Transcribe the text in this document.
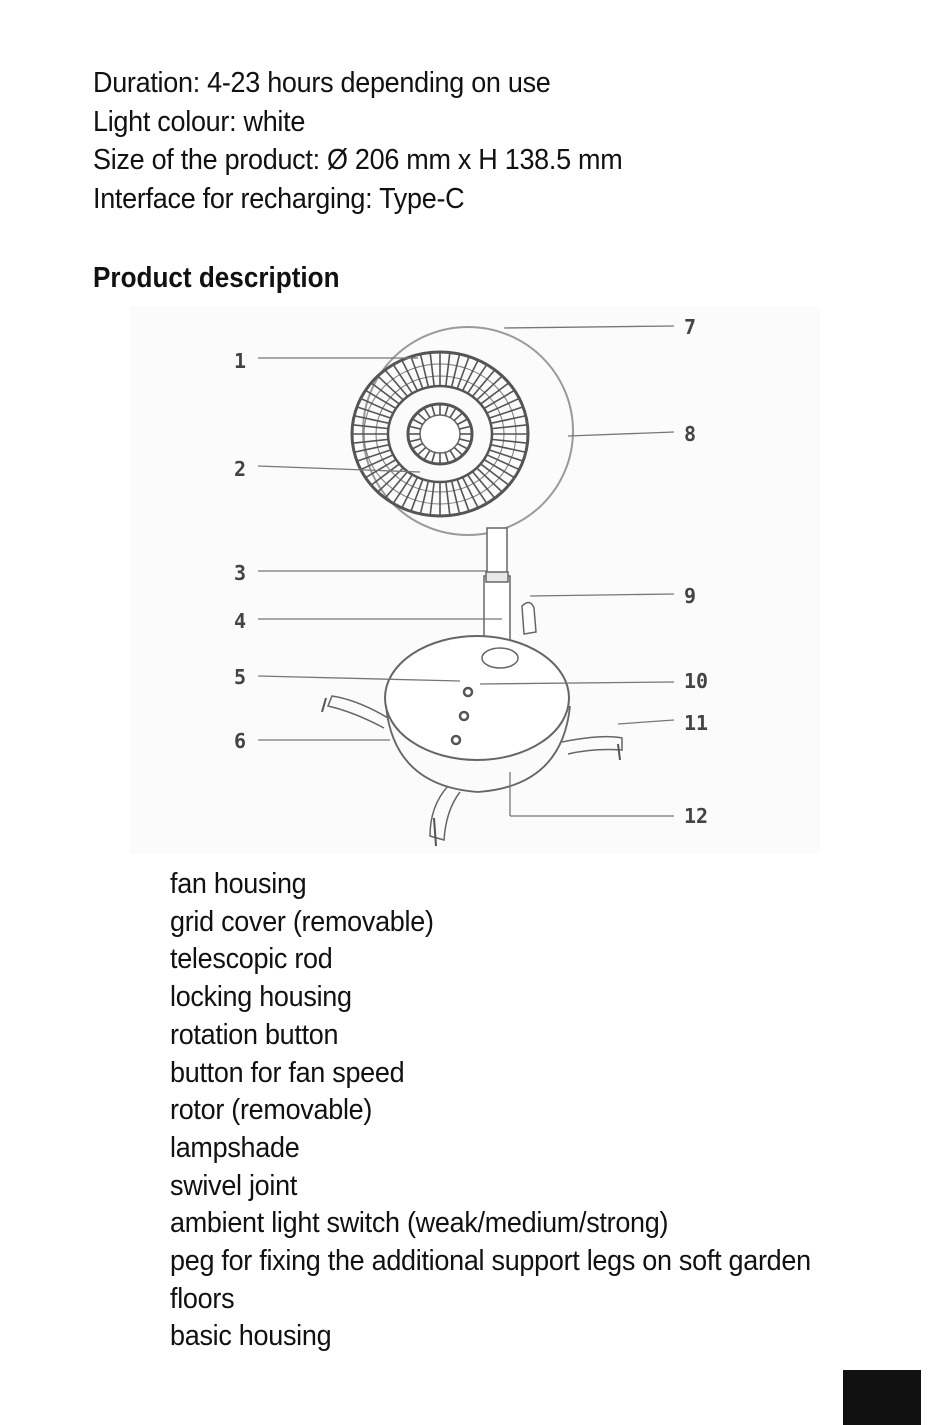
Duration: 4-23 hours depending on use
Light colour: white
Size of the product: Ø 206 mm x H 138.5 mm
Interface for recharging: Type-C
Product description
1
2
3
4
5
6
7
8
9
10
11
12
fan housing
grid cover (removable)
telescopic rod
locking housing
rotation button
button for fan speed
rotor (removable)
lampshade
swivel joint
ambient light switch (weak/medium/strong)
peg for fixing the additional support legs on soft garden
floors
basic housing
